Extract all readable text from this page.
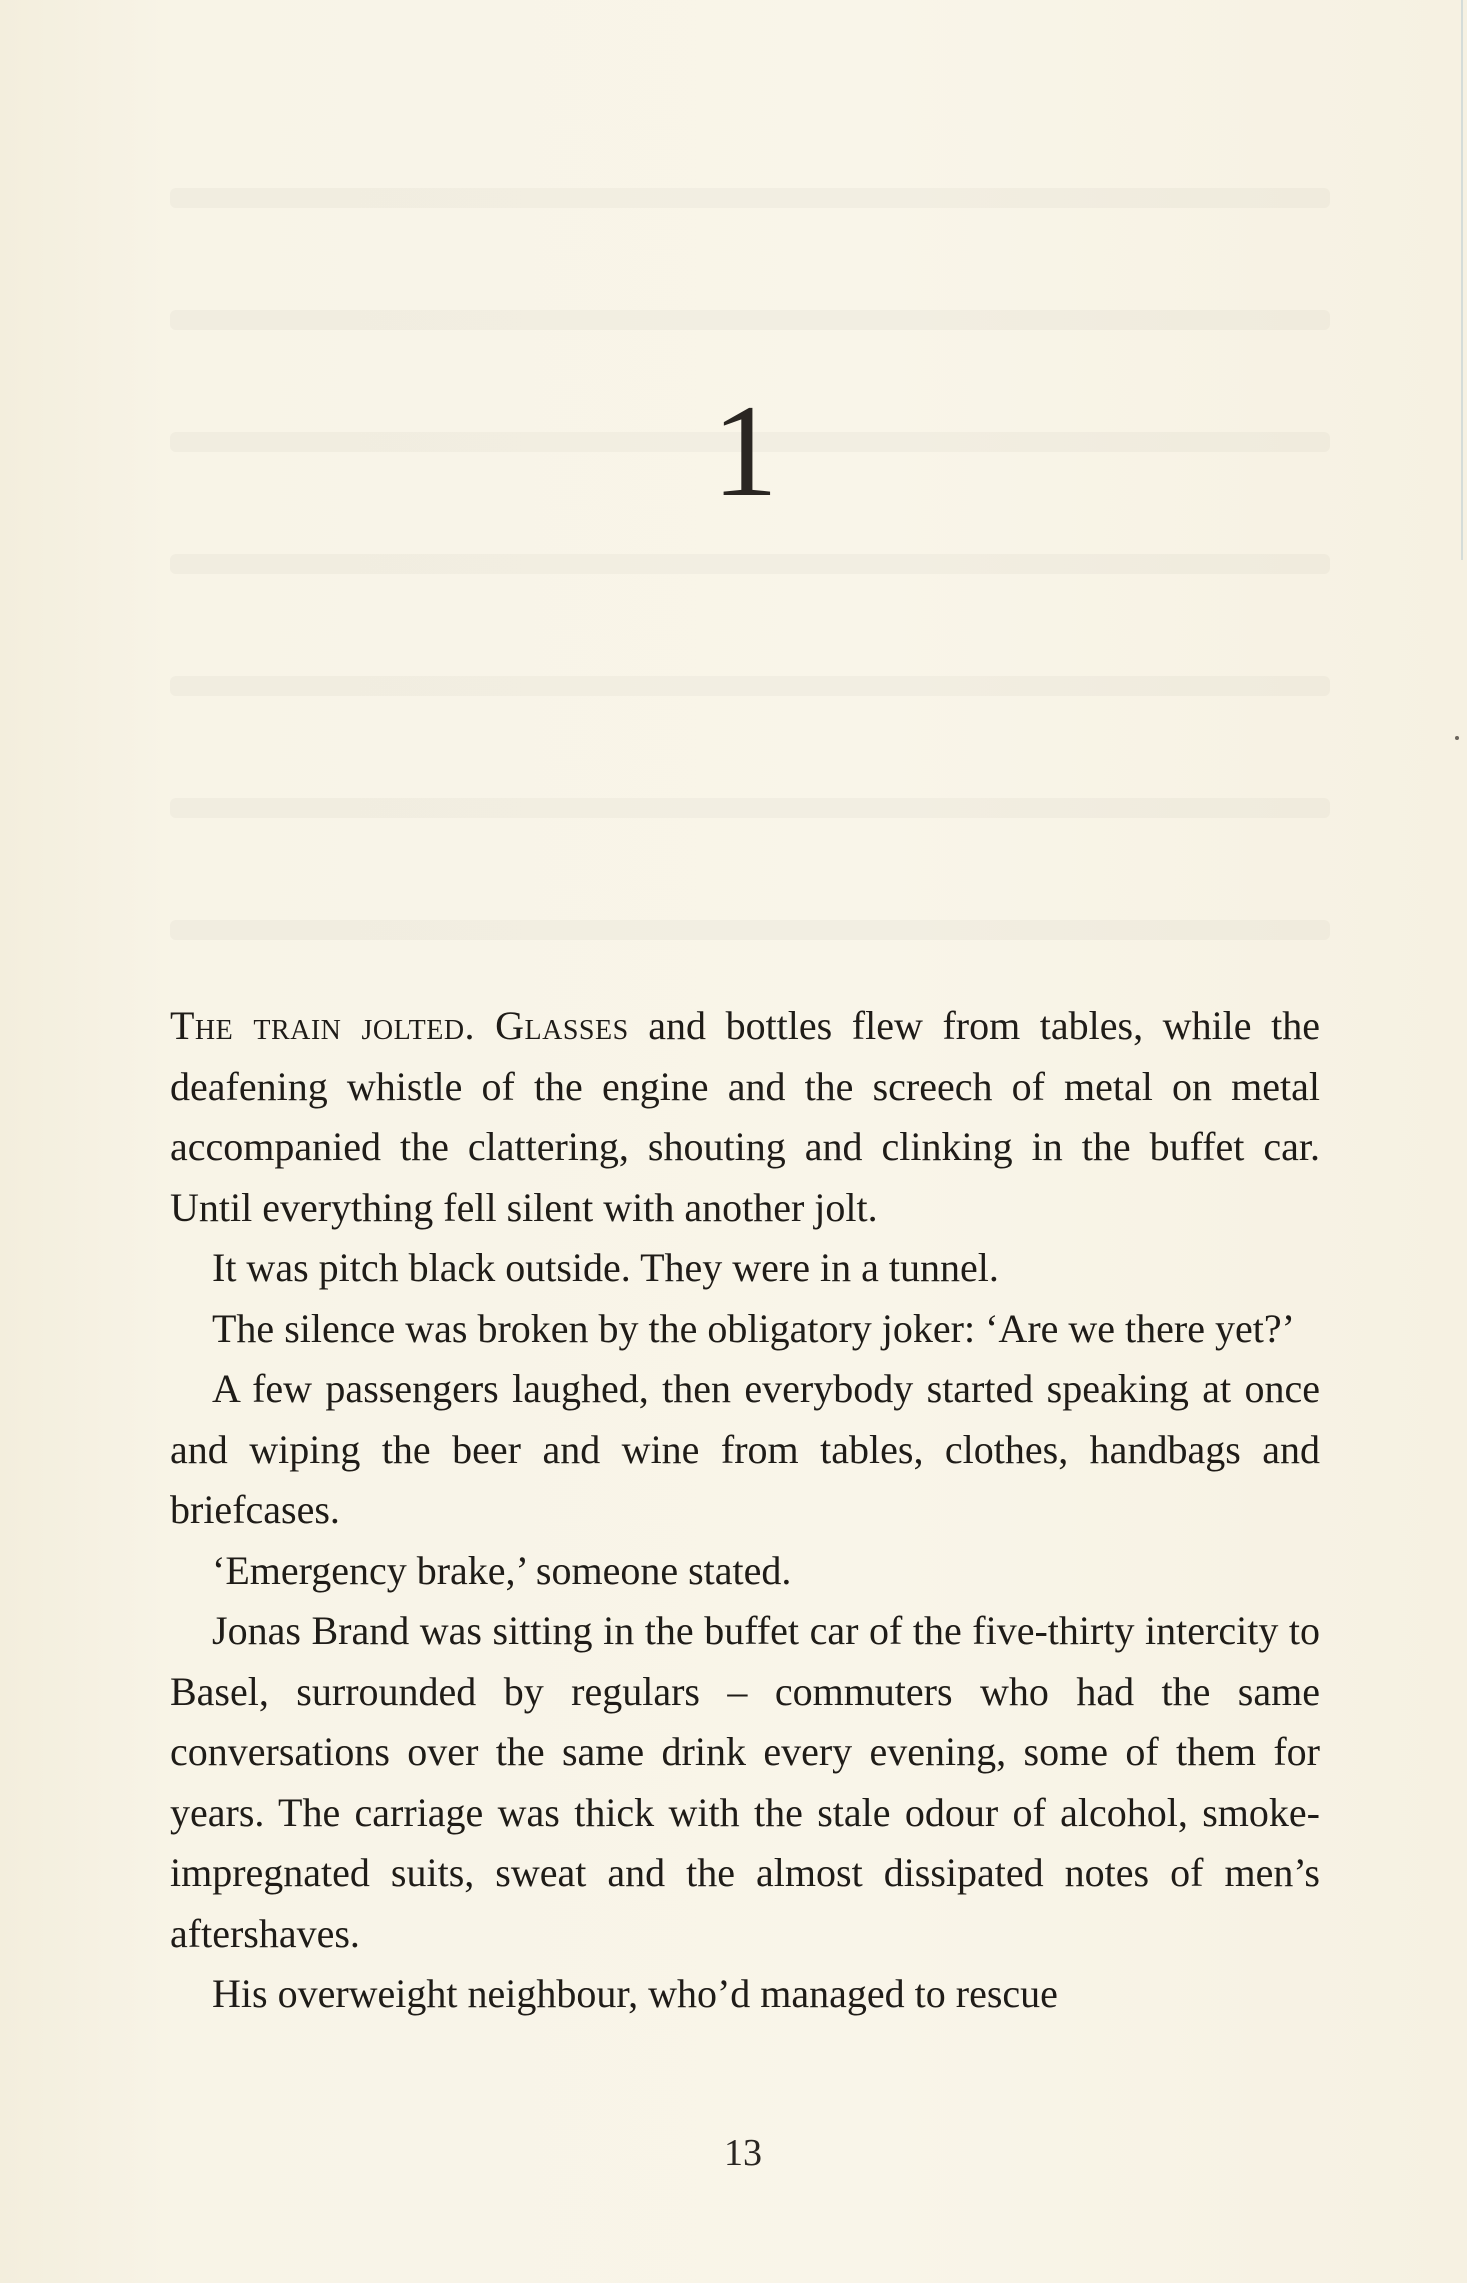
1

The train jolted. Glasses and bottles flew from tables, while the deafening whistle of the engine and the screech of metal on metal accompanied the clattering, shouting and clinking in the buffet car. Until everything fell silent with another jolt.

It was pitch black outside. They were in a tunnel.

The silence was broken by the obligatory joker: ‘Are we there yet?’

A few passengers laughed, then everybody started speaking at once and wiping the beer and wine from tables, clothes, handbags and briefcases.

‘Emergency brake,’ someone stated.

Jonas Brand was sitting in the buffet car of the five-thirty intercity to Basel, surrounded by regulars – commuters who had the same conversations over the same drink every evening, some of them for years. The carriage was thick with the stale odour of alcohol, smoke-impregnated suits, sweat and the almost dissipated notes of men’s aftershaves.

His overweight neighbour, who’d managed to rescue

13
